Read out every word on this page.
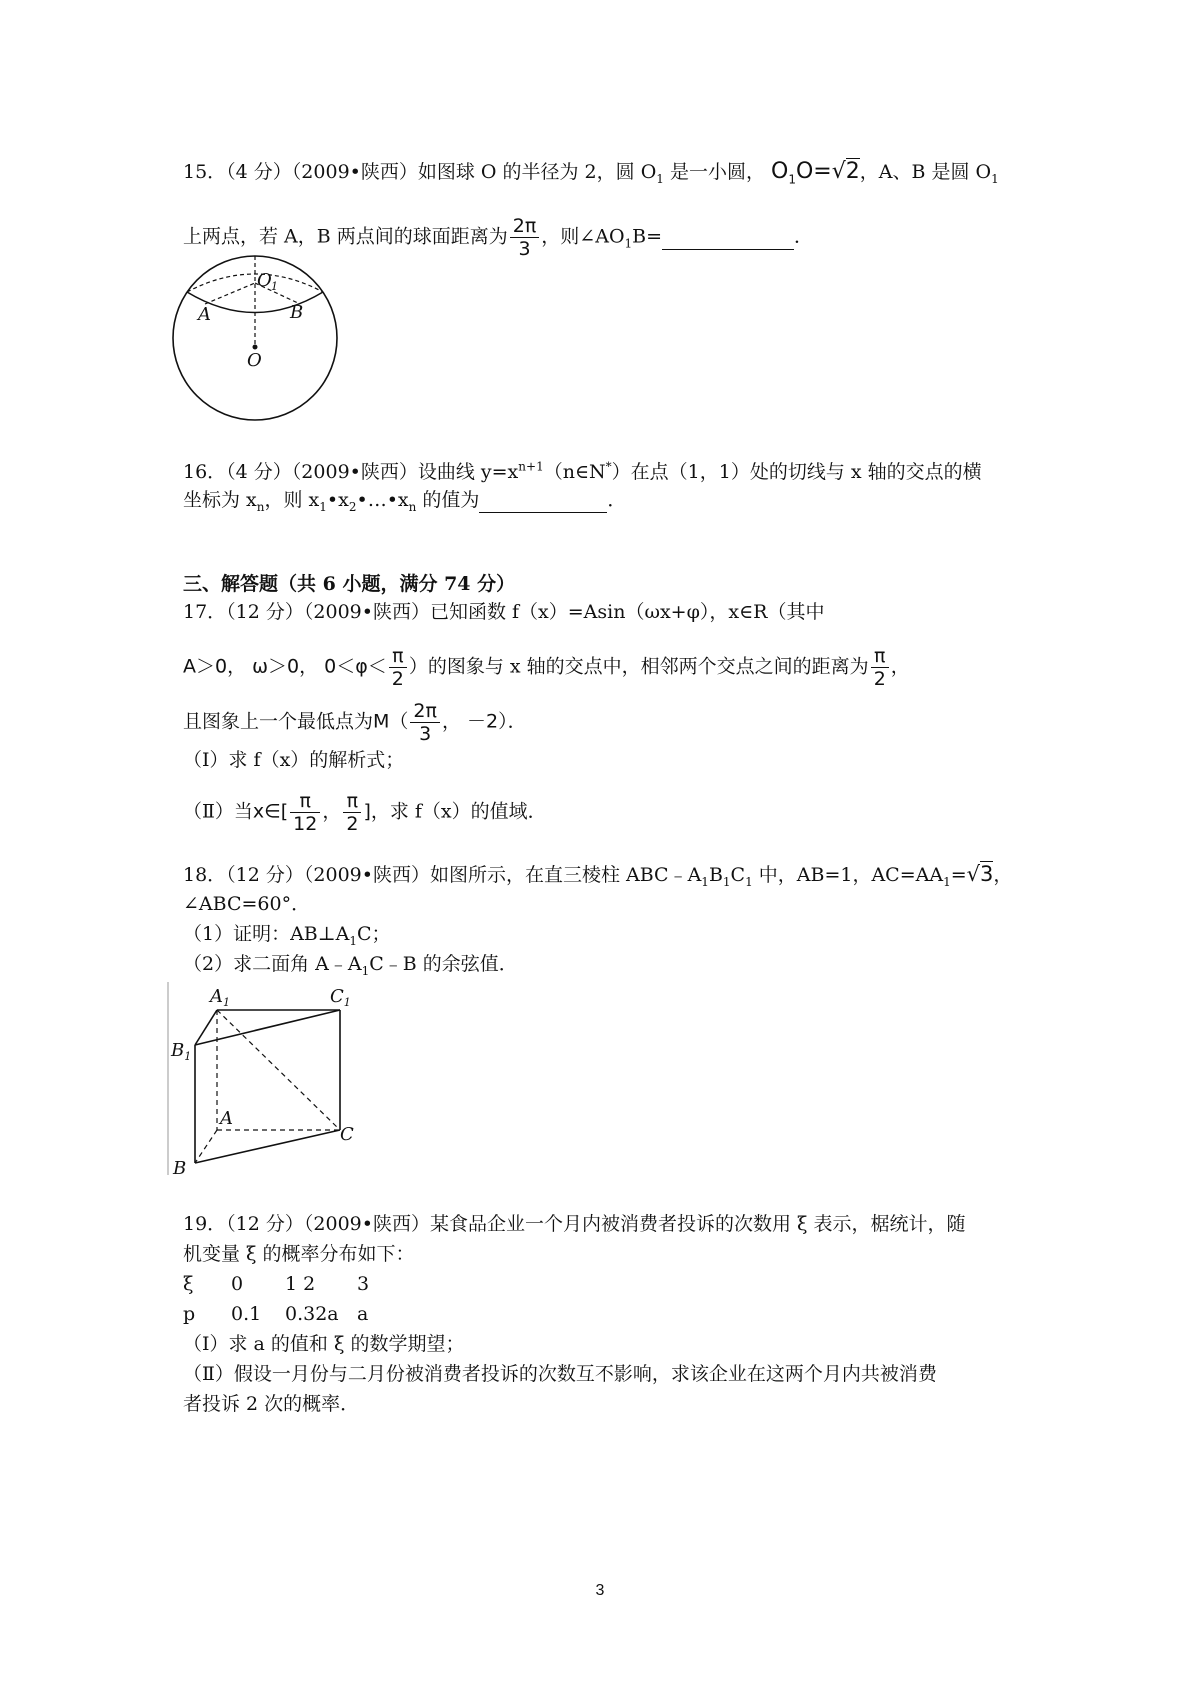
15．（4 分）（2009•陕西）如图球 O 的半径为 2，圆 $O_1$ 是一小圆， $O_1O=√2$，A、B 是圆 $O_1$
上两点，若 A，B 两点间的球面距离为 $\frac{2\pi}{3}$ ，则$\angle AO_1B=$	．
O 1
A	B
O
16．（4 分）（2009•陕西）设曲线 $y=x^{n+1}(n\in N^*)$在点（1，1）处的切线与 x 轴的交点的横
坐标为 $x_n$，则 $x_1•x_2•\dots•x_n$ 的值为	．
三、解答题（共 6 小题，满分 74 分）
17．（12 分）（2009•陕西）已知函数 f（x）=Asin（ωx+φ），x∈R（其中
A＞0， ω＞0， $0<\varphi< \frac{\pi}{2}$ ）的图象与 x 轴的交点中，相邻两个交点之间的距离为 $\frac{\pi}{2}$ ，
且图象上一个最低点为$M( \frac{2\pi}{3}$ ， －2）．
（Ⅰ）求 f（x）的解析式；
（Ⅱ）当x∈[ $\frac{\pi}{12}$ ， $\frac{\pi}{2}$ ]，求 f（x）的值域．
18．（12 分）（2009•陕西）如图所示，在直三棱柱 $ABC﹣A_1B_1C_1$ 中，AB=1，$AC=AA_1=√3$，
∠ABC=60°．
（1）证明：$AB\perp A_1C$；
（2）求二面角 $A﹣A_1C﹣B$ 的余弦值．
$A_1$	$C_1$
$B_1$
A
C
B
19．（12 分）（2009•陕西）某食品企业一个月内被消费者投诉的次数用 ξ 表示，椐统计，随
机变量 ξ 的概率分布如下：
ξ 0 1 2 3
p 0.1 0.32a a
（Ⅰ）求 a 的值和 ξ 的数学期望；
（Ⅱ）假设一月份与二月份被消费者投诉的次数互不影响，求该企业在这两个月内共被消费
者投诉 2 次的概率．
3
